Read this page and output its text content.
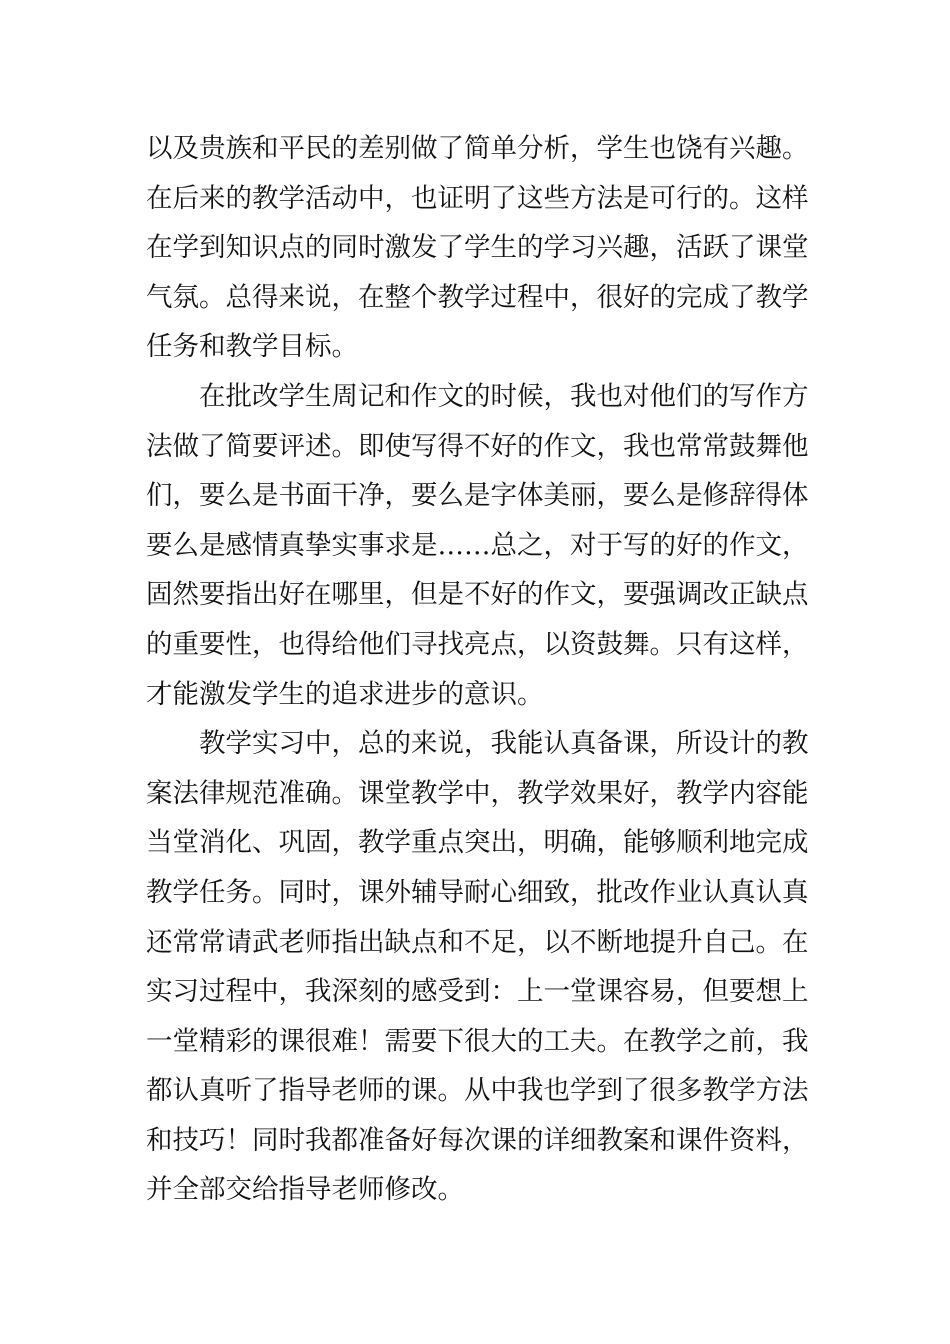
以及贵族和平民的差别做了简单分析，学生也饶有兴趣。
在后来的教学活动中，也证明了这些方法是可行的。这样
在学到知识点的同时激发了学生的学习兴趣，活跃了课堂
气氛。总得来说，在整个教学过程中，很好的完成了教学
任务和教学目标。
在批改学生周记和作文的时候，我也对他们的写作方
法做了简要评述。即使写得不好的作文，我也常常鼓舞他
们，要么是书面干净，要么是字体美丽，要么是修辞得体
要么是感情真挚实事求是……总之，对于写的好的作文，
固然要指出好在哪里，但是不好的作文，要强调改正缺点
的重要性，也得给他们寻找亮点，以资鼓舞。只有这样，
才能激发学生的追求进步的意识。
教学实习中，总的来说，我能认真备课，所设计的教
案法律规范准确。课堂教学中，教学效果好，教学内容能
当堂消化、巩固，教学重点突出，明确，能够顺利地完成
教学任务。同时，课外辅导耐心细致，批改作业认真认真
还常常请武老师指出缺点和不足，以不断地提升自己。在
实习过程中，我深刻的感受到：上一堂课容易，但要想上
一堂精彩的课很难！需要下很大的工夫。在教学之前，我
都认真听了指导老师的课。从中我也学到了很多教学方法
和技巧！同时我都准备好每次课的详细教案和课件资料，
并全部交给指导老师修改。
